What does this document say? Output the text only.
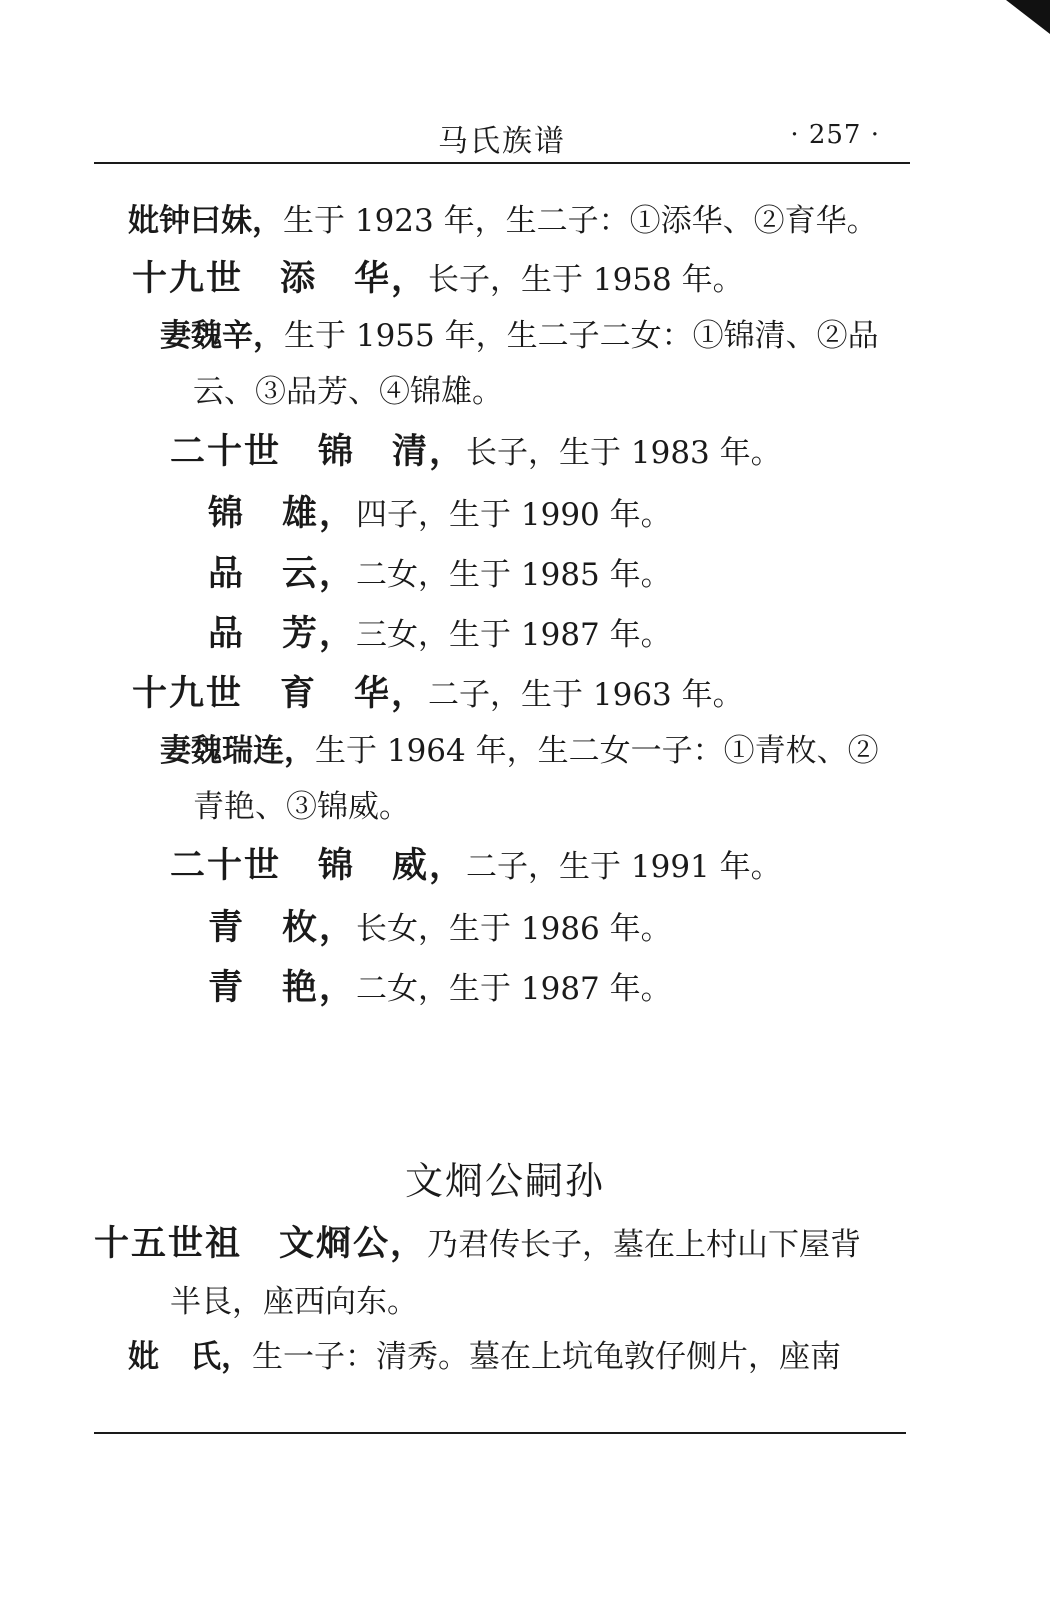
马氏族谱	· 257 ·
妣钟曰妹，生于 1923 年，生二子：①添华、②育华。
十九世　添　华，长子，生于 1958 年。
妻魏辛，生于 1955 年，生二子二女：①锦清、②品
云、③品芳、④锦雄。
二十世　锦　清，长子，生于 1983 年。
锦　雄，四子，生于 1990 年。
品　云，二女，生于 1985 年。
品　芳，三女，生于 1987 年。
十九世　育　华，二子，生于 1963 年。
妻魏瑞连，生于 1964 年，生二女一子：①青枚、②
青艳、③锦威。
二十世　锦　威，二子，生于 1991 年。
青　枚，长女，生于 1986 年。
青　艳，二女，生于 1987 年。
文烱公嗣孙
十五世祖　文烱公，乃君传长子，墓在上村山下屋背
半艮，座西向东。
妣　氏，生一子：清秀。墓在上坑龟敦仔侧片，座南
